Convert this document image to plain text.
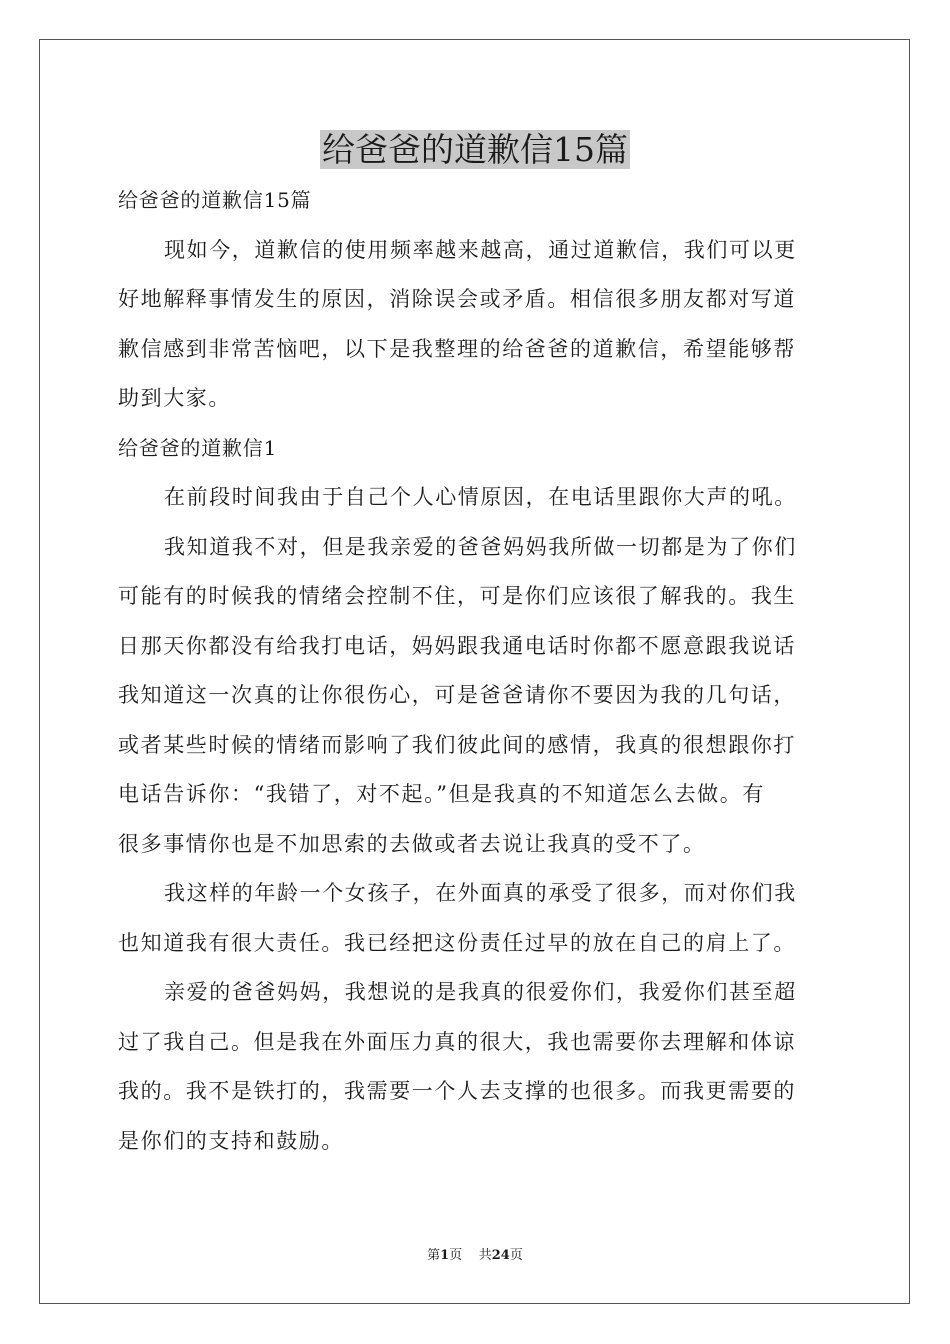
给爸爸的道歉信15篇

给爸爸的道歉信15篇

现如今，道歉信的使用频率越来越高，通过道歉信，我们可以更

好地解释事情发生的原因，消除误会或矛盾。相信很多朋友都对写道

歉信感到非常苦恼吧，以下是我整理的给爸爸的道歉信，希望能够帮

助到大家。

给爸爸的道歉信1

在前段时间我由于自己个人心情原因，在电话里跟你大声的吼。

我知道我不对，但是我亲爱的爸爸妈妈我所做一切都是为了你们

可能有的时候我的情绪会控制不住，可是你们应该很了解我的。我生

日那天你都没有给我打电话，妈妈跟我通电话时你都不愿意跟我说话

我知道这一次真的让你很伤心，可是爸爸请你不要因为我的几句话，

或者某些时候的情绪而影响了我们彼此间的感情，我真的很想跟你打

电话告诉你：“我错了，对不起。”但是我真的不知道怎么去做。有

很多事情你也是不加思索的去做或者去说让我真的受不了。

我这样的年龄一个女孩子，在外面真的承受了很多，而对你们我

也知道我有很大责任。我已经把这份责任过早的放在自己的肩上了。

亲爱的爸爸妈妈，我想说的是我真的很爱你们，我爱你们甚至超

过了我自己。但是我在外面压力真的很大，我也需要你去理解和体谅

我的。我不是铁打的，我需要一个人去支撑的也很多。而我更需要的

是你们的支持和鼓励。

第1页 共24页
